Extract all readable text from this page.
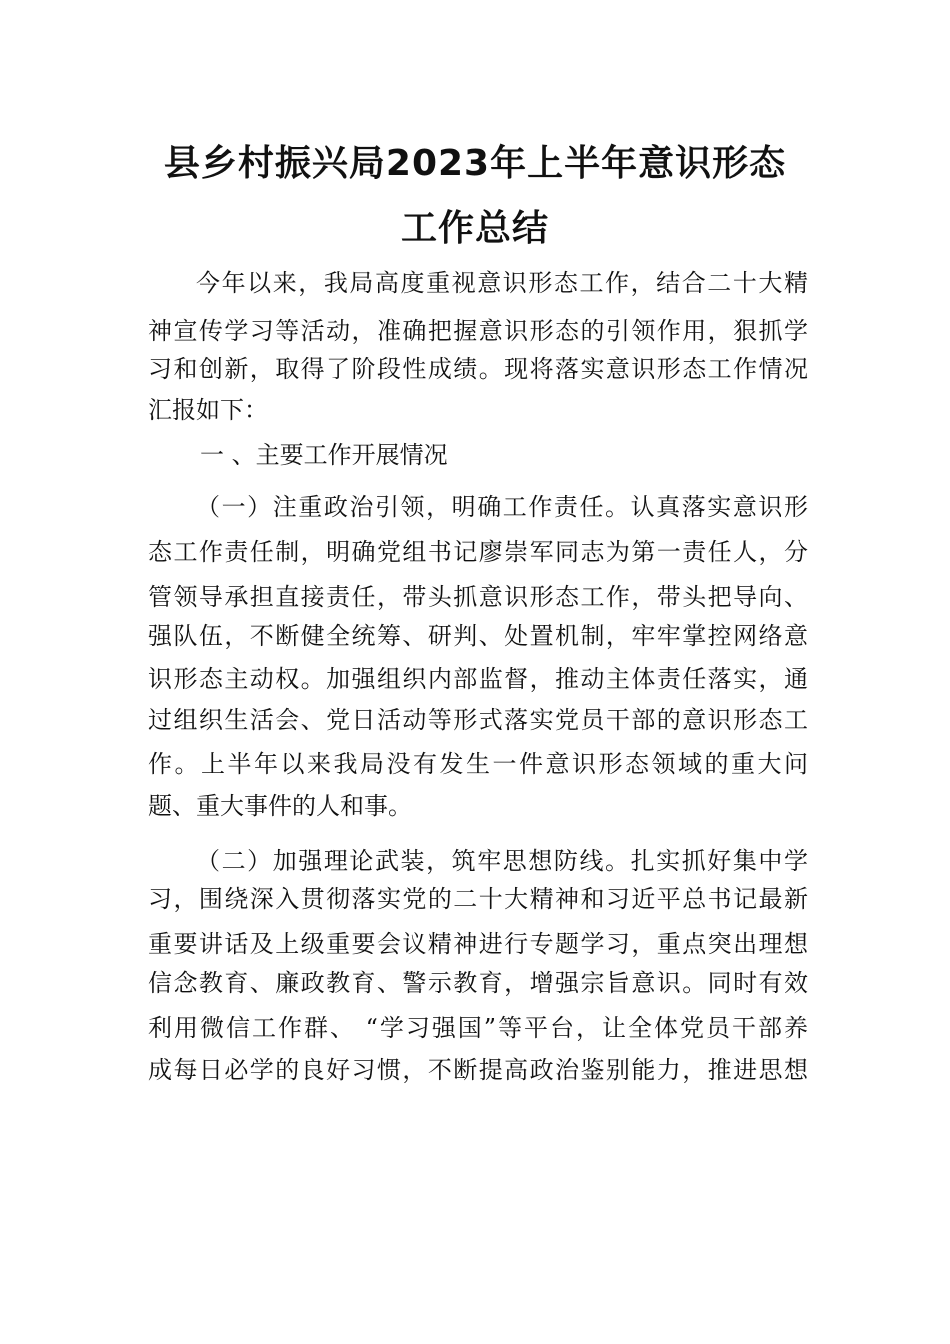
县乡村振兴局2023年上半年意识形态
工作总结

今年以来，我局高度重视意识形态工作，结合二十大精

神宣传学习等活动，准确把握意识形态的引领作用，狠抓学

习和创新，取得了阶段性成绩。现将落实意识形态工作情况

汇报如下：

一 、主要工作开展情况

（一）注重政治引领，明确工作责任。认真落实意识形

态工作责任制，明确党组书记廖崇军同志为第一责任人，分

管领导承担直接责任，带头抓意识形态工作，带头把导向、

强队伍，不断健全统筹、研判、处置机制，牢牢掌控网络意

识形态主动权。加强组织内部监督，推动主体责任落实，通

过组织生活会、党日活动等形式落实党员干部的意识形态工

作。上半年以来我局没有发生一件意识形态领域的重大问

题、重大事件的人和事。

（二）加强理论武装，筑牢思想防线。扎实抓好集中学

习，围绕深入贯彻落实党的二十大精神和习近平总书记最新

重要讲话及上级重要会议精神进行专题学习，重点突出理想

信念教育、廉政教育、警示教育，增强宗旨意识。同时有效

利用微信工作群、 “学习强国”等平台，让全体党员干部养

成每日必学的良好习惯，不断提高政治鉴别能力，推进思想
